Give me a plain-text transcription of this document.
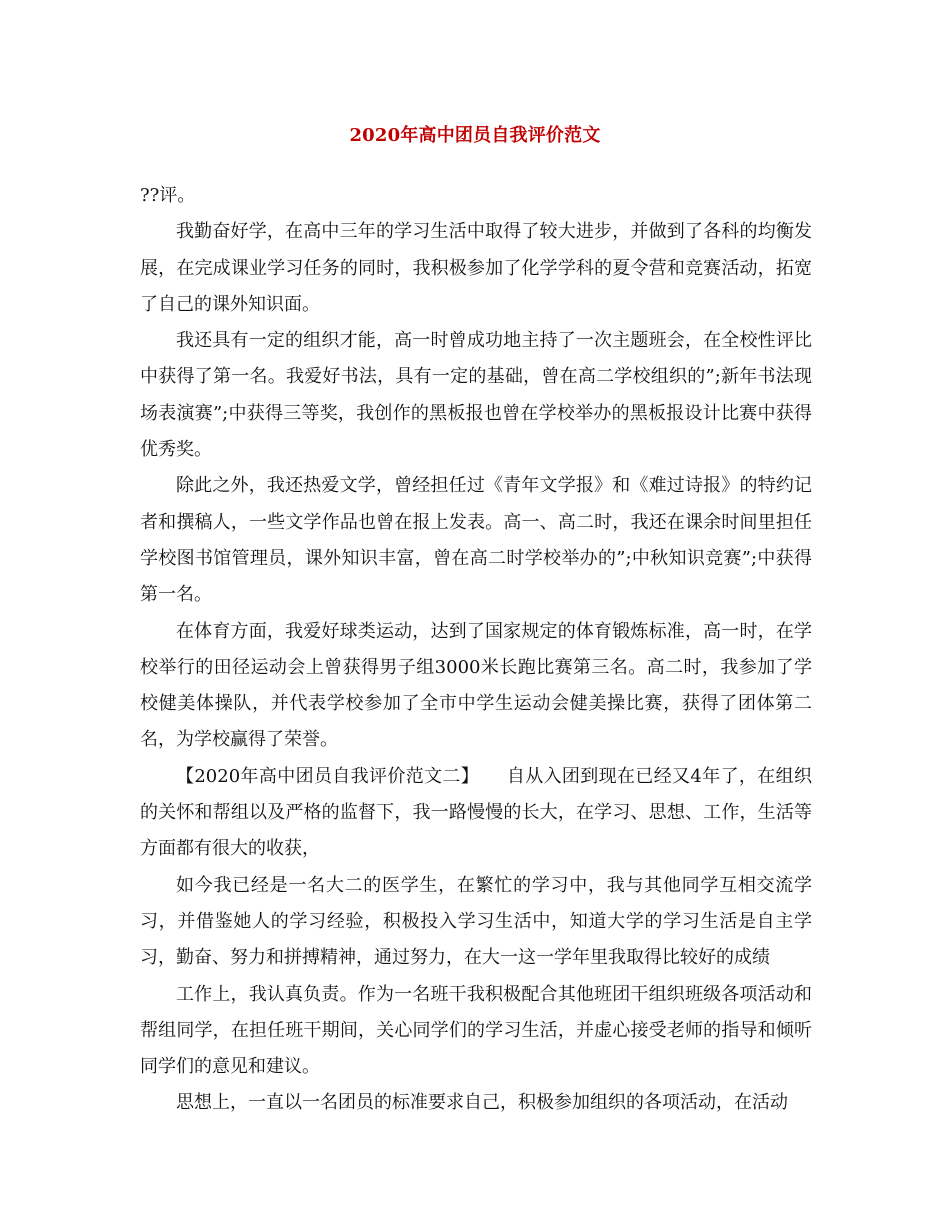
2020年高中团员自我评价范文

??评。

我勤奋好学，在高中三年的学习生活中取得了较大进步，并做到了各科的均衡发展，在完成课业学习任务的同时，我积极参加了化学学科的夏令营和竞赛活动，拓宽了自己的课外知识面。

我还具有一定的组织才能，高一时曾成功地主持了一次主题班会，在全校性评比中获得了第一名。我爱好书法，具有一定的基础，曾在高二学校组织的”;新年书法现场表演赛”;中获得三等奖，我创作的黑板报也曾在学校举办的黑板报设计比赛中获得优秀奖。

除此之外，我还热爱文学，曾经担任过《青年文学报》和《难过诗报》的特约记者和撰稿人，一些文学作品也曾在报上发表。高一、高二时，我还在课余时间里担任学校图书馆管理员，课外知识丰富，曾在高二时学校举办的”;中秋知识竞赛”;中获得第一名。

在体育方面，我爱好球类运动，达到了国家规定的体育锻炼标准，高一时，在学校举行的田径运动会上曾获得男子组3000米长跑比赛第三名。高二时，我参加了学校健美体操队，并代表学校参加了全市中学生运动会健美操比赛，获得了团体第二名，为学校赢得了荣誉。

【2020年高中团员自我评价范文二】　　自从入团到现在已经又4年了，在组织的关怀和帮组以及严格的监督下，我一路慢慢的长大，在学习、思想、工作，生活等方面都有很大的收获，

如今我已经是一名大二的医学生，在繁忙的学习中，我与其他同学互相交流学习，并借鉴她人的学习经验，积极投入学习生活中，知道大学的学习生活是自主学习，勤奋、努力和拼搏精神，通过努力，在大一这一学年里我取得比较好的成绩

工作上，我认真负责。作为一名班干我积极配合其他班团干组织班级各项活动和帮组同学，在担任班干期间，关心同学们的学习生活，并虚心接受老师的指导和倾听同学们的意见和建议。

思想上，一直以一名团员的标准要求自己，积极参加组织的各项活动，在活动
